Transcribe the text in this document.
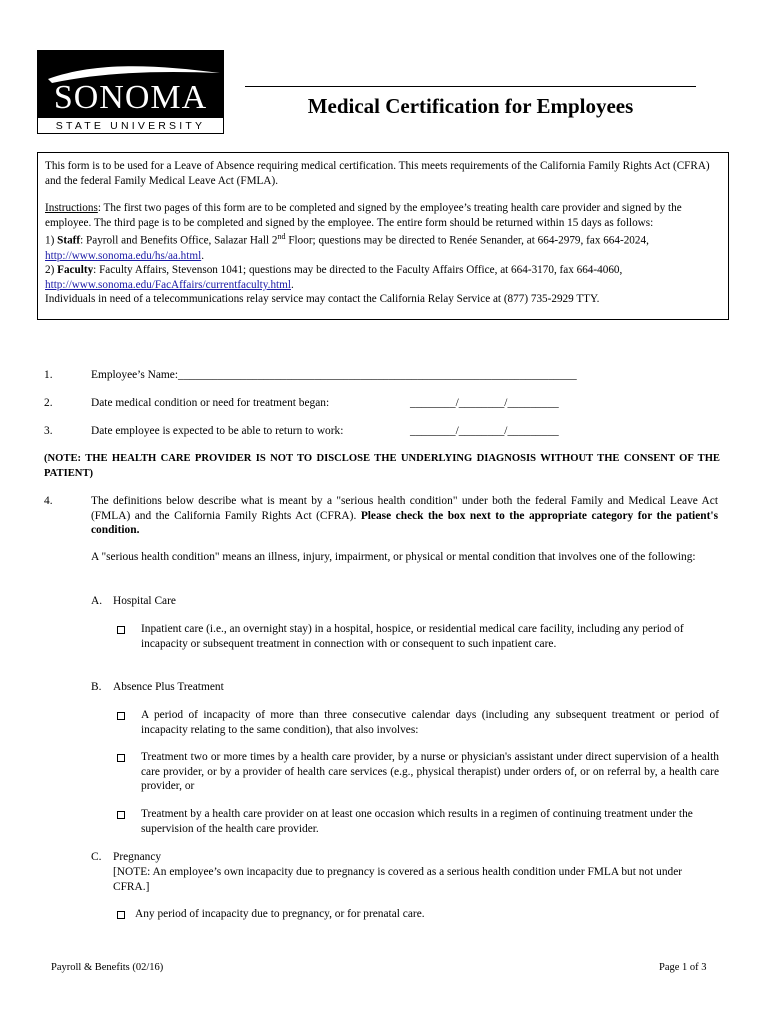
SONOMA
STATE UNIVERSITY
Medical Certification for Employees

This form is to be used for a Leave of Absence requiring medical certification. This meets requirements of the California Family Rights Act (CFRA) and the federal Family Medical Leave Act (FMLA).

Instructions: The first two pages of this form are to be completed and signed by the employee’s treating health care provider and signed by the employee. The third page is to be completed and signed by the employee. The entire form should be returned within 15 days as follows:

1) Staff: Payroll and Benefits Office, Salazar Hall 2nd Floor; questions may be directed to Renée Senander, at 664-2979, fax 664-2024, http://www.sonoma.edu/hs/aa.html.

2) Faculty: Faculty Affairs, Stevenson 1041; questions may be directed to the Faculty Affairs Office, at 664-3170, fax 664-4060, http://www.sonoma.edu/FacAffairs/currentfaculty.html.

Individuals in need of a telecommunications relay service may contact the California Relay Service at (877) 735-2929 TTY.

1.	Employee’s Name:______________________________________________________________________
2.	Date medical condition or need for treatment began:	________/________/_________
3.	Date employee is expected to be able to return to work:	________/________/_________
(NOTE: THE HEALTH CARE PROVIDER IS NOT TO DISCLOSE THE UNDERLYING DIAGNOSIS WITHOUT THE CONSENT OF THE PATIENT)
4.	The definitions below describe what is meant by a "serious health condition" under both the federal Family and Medical Leave Act (FMLA) and the California Family Rights Act (CFRA). Please check the box next to the appropriate category for the patient's condition.
A "serious health condition" means an illness, injury, impairment, or physical or mental condition that involves one of the following:
A. Hospital Care
Inpatient care (i.e., an overnight stay) in a hospital, hospice, or residential medical care facility, including any period of incapacity or subsequent treatment in connection with or consequent to such inpatient care.
B. Absence Plus Treatment
A period of incapacity of more than three consecutive calendar days (including any subsequent treatment or period of incapacity relating to the same condition), that also involves:
Treatment two or more times by a health care provider, by a nurse or physician's assistant under direct supervision of a health care provider, or by a provider of health care services (e.g., physical therapist) under orders of, or on referral by, a health care provider, or
Treatment by a health care provider on at least one occasion which results in a regimen of continuing treatment under the supervision of the health care provider.
C. Pregnancy
[NOTE: An employee’s own incapacity due to pregnancy is covered as a serious health condition under FMLA but not under CFRA.]
Any period of incapacity due to pregnancy, or for prenatal care.
Payroll & Benefits (02/16)	Page 1 of 3
